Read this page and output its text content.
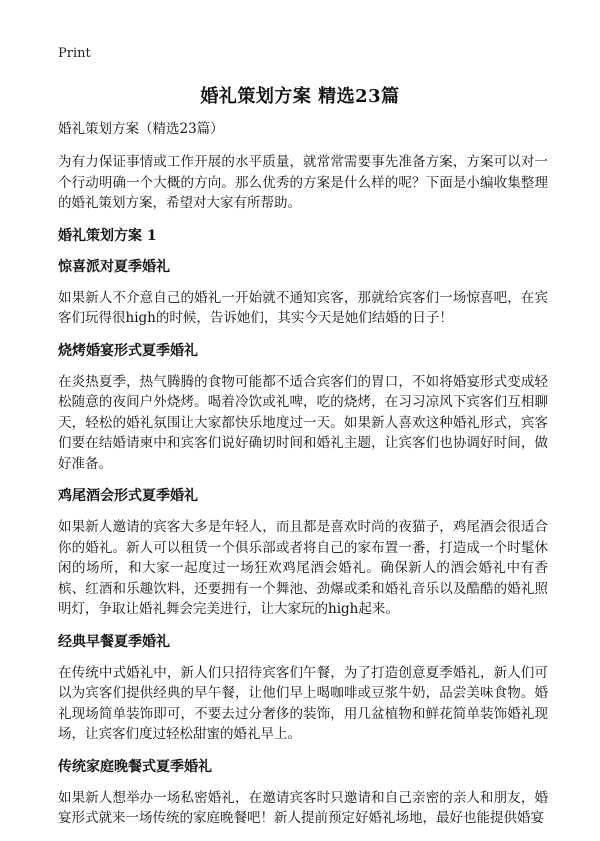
Print
婚礼策划方案 精选23篇
婚礼策划方案（精选23篇）

为有力保证事情或工作开展的水平质量，就常常需要事先准备方案，方案可以对一个行动明确一个大概的方向。那么优秀的方案是什么样的呢？下面是小编收集整理的婚礼策划方案，希望对大家有所帮助。

婚礼策划方案 1
惊喜派对夏季婚礼

如果新人不介意自己的婚礼一开始就不通知宾客，那就给宾客们一场惊喜吧，在宾客们玩得很high的时候，告诉她们，其实今天是她们结婚的日子！

烧烤婚宴形式夏季婚礼

在炎热夏季，热气腾腾的食物可能都不适合宾客们的胃口，不如将婚宴形式变成轻松随意的夜间户外烧烤。喝着冷饮或礼啤，吃的烧烤，在习习凉风下宾客们互相聊天，轻松的婚礼氛围让大家都快乐地度过一天。如果新人喜欢这种婚礼形式，宾客们要在结婚请柬中和宾客们说好确切时间和婚礼主题，让宾客们也协调好时间，做好准备。

鸡尾酒会形式夏季婚礼

如果新人邀请的宾客大多是年轻人，而且都是喜欢时尚的夜猫子，鸡尾酒会很适合你的婚礼。新人可以租赁一个俱乐部或者将自己的家布置一番，打造成一个时髦休闲的场所，和大家一起度过一场狂欢鸡尾酒会婚礼。确保新人的酒会婚礼中有香槟、红酒和乐趣饮料，还要拥有一个舞池、劲爆或柔和婚礼音乐以及酷酷的婚礼照明灯，争取让婚礼舞会完美进行，让大家玩的high起来。

经典早餐夏季婚礼

在传统中式婚礼中，新人们只招待宾客们午餐，为了打造创意夏季婚礼，新人们可以为宾客们提供经典的早午餐，让他们早上喝咖啡或豆浆牛奶，品尝美味食物。婚礼现场简单装饰即可，不要去过分奢侈的装饰，用几盆植物和鲜花简单装饰婚礼现场，让宾客们度过轻松甜蜜的婚礼早上。

传统家庭晚餐式夏季婚礼

如果新人想举办一场私密婚礼，在邀请宾客时只邀请和自己亲密的亲人和朋友，婚宴形式就来一场传统的家庭晚餐吧！新人提前预定好婚礼场地，最好也能提供婚宴
